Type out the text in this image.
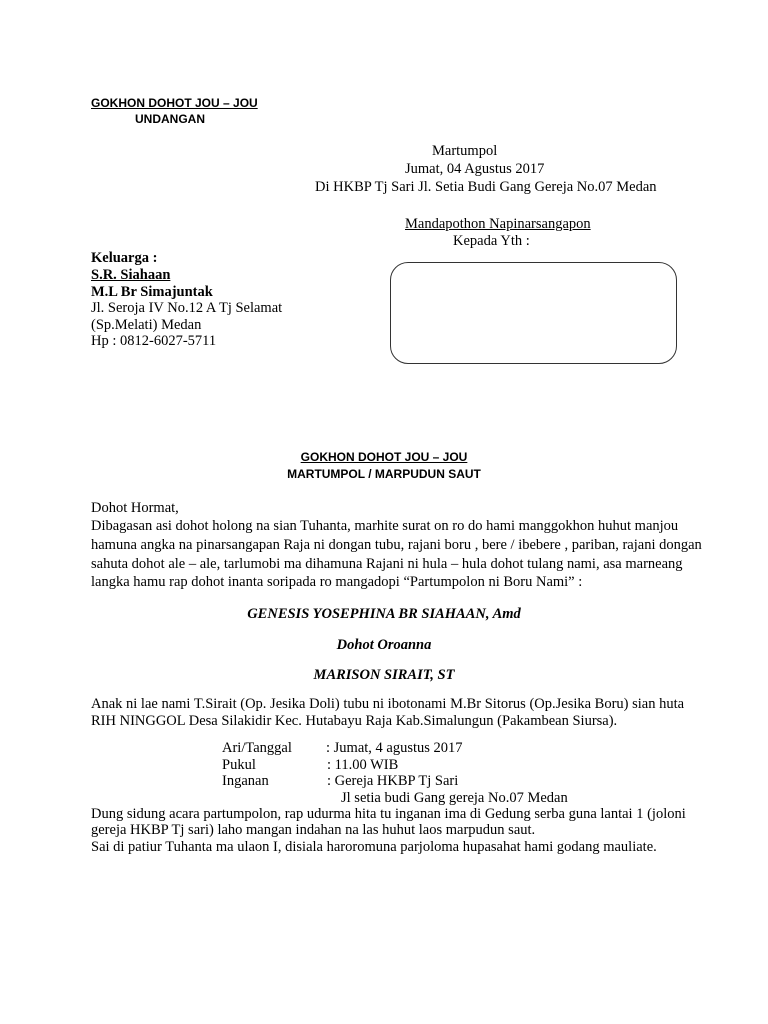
GOKHON DOHOT JOU – JOU
UNDANGAN
Martumpol
Jumat, 04 Agustus 2017
Di HKBP Tj Sari Jl. Setia Budi Gang Gereja No.07 Medan
Mandapothon Napinarsangapon
Kepada Yth :
Keluarga :
S.R. Siahaan
M.L Br Simajuntak
Jl. Seroja IV No.12 A Tj Selamat
(Sp.Melati) Medan
Hp : 0812-6027-5711
GOKHON DOHOT JOU – JOU
MARTUMPOL / MARPUDUN SAUT
Dohot Hormat,
Dibagasan asi dohot holong na sian Tuhanta, marhite surat on ro do hami manggokhon huhut manjou
hamuna angka na pinarsangapan Raja ni dongan tubu, rajani boru , bere / ibebere , pariban, rajani dongan
sahuta dohot ale – ale, tarlumobi ma dihamuna Rajani ni hula – hula dohot tulang nami, asa marneang
langka hamu rap dohot inanta soripada ro mangadopi “Partumpolon ni Boru Nami” :
GENESIS YOSEPHINA BR SIAHAAN, Amd
Dohot Oroanna
MARISON SIRAIT, ST
Anak ni lae nami T.Sirait (Op. Jesika Doli) tubu ni ibotonami M.Br Sitorus (Op.Jesika Boru) sian huta
RIH NINGGOL Desa Silakidir Kec. Hutabayu Raja Kab.Simalungun (Pakambean Siursa).
Ari/Tanggal : Jumat, 4 agustus 2017
Pukul	: 11.00 WIB
Inganan	: Gereja HKBP Tj Sari
Jl setia budi Gang gereja No.07 Medan
Dung sidung acara partumpolon, rap udurma hita tu inganan ima di Gedung serba guna lantai 1 (joloni
gereja HKBP Tj sari) laho mangan indahan na las huhut laos marpudun saut.
Sai di patiur Tuhanta ma ulaon I, disiala haroromuna parjoloma hupasahat hami godang mauliate.
